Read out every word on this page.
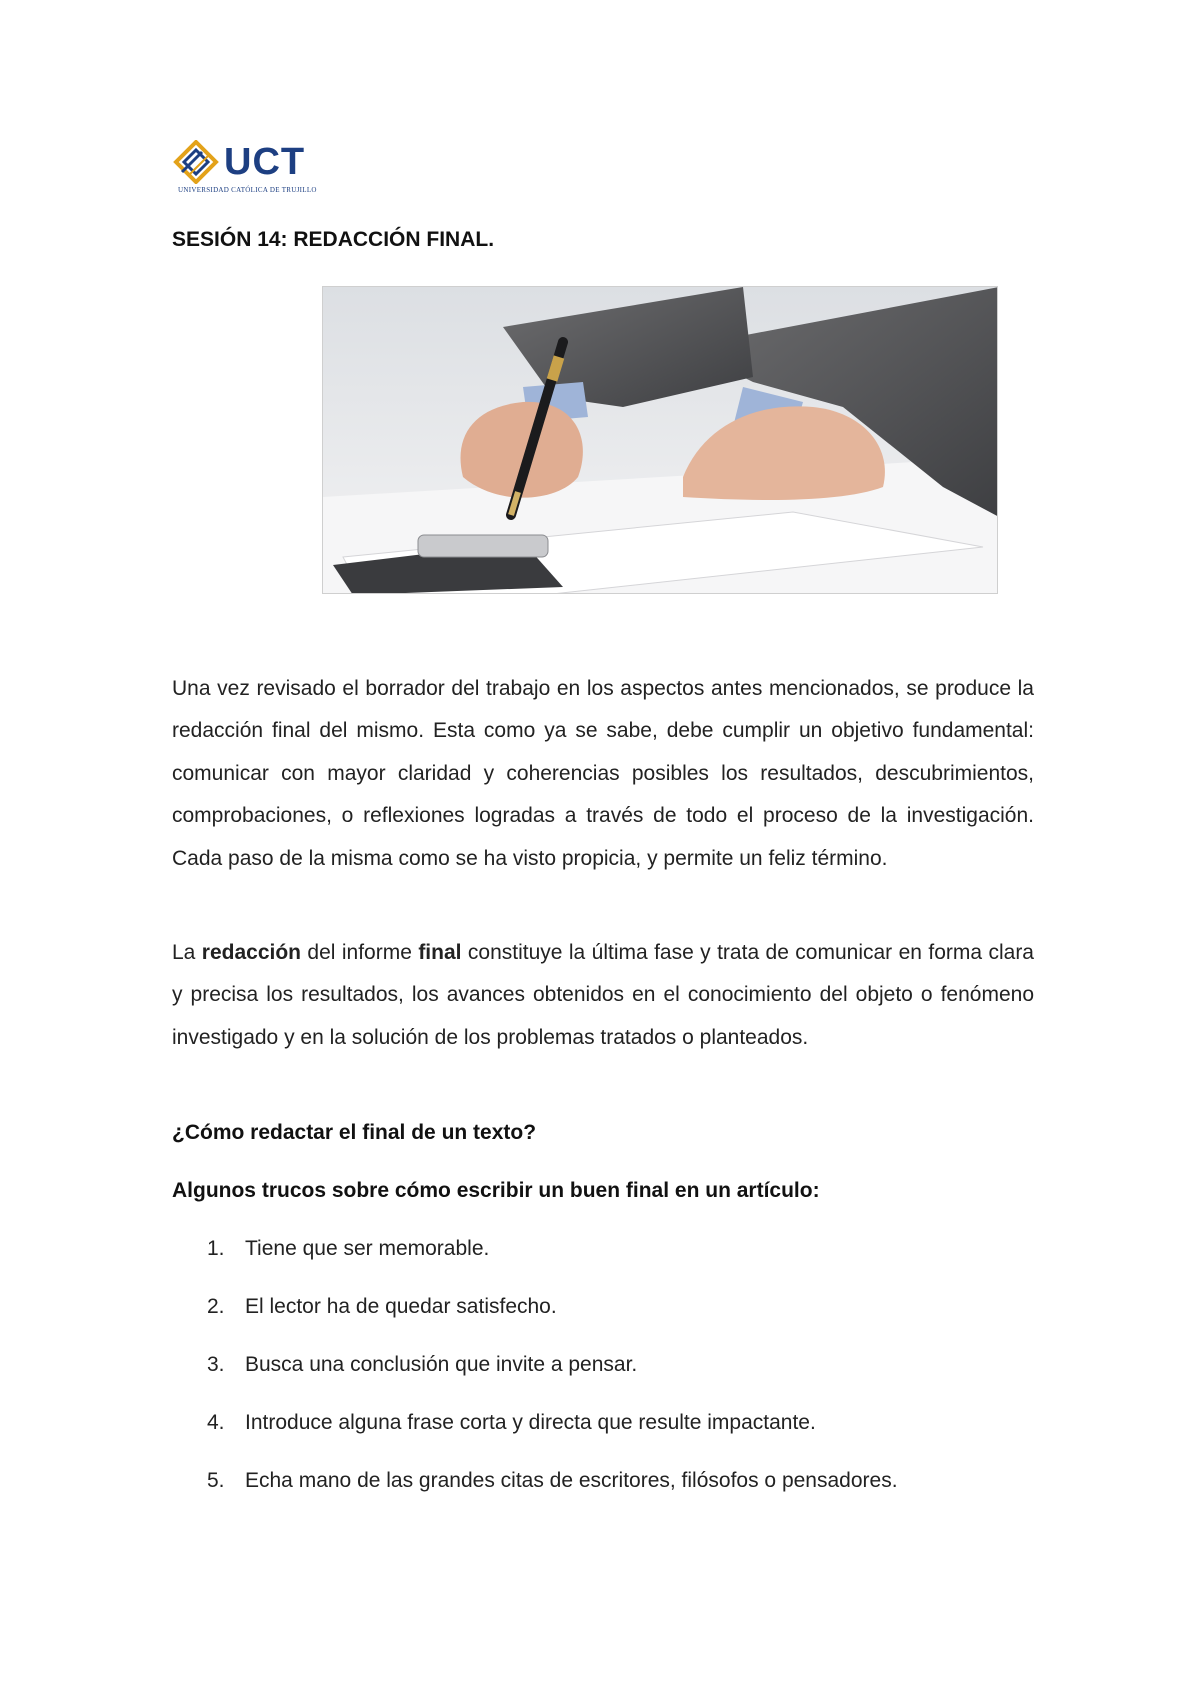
UCT
UNIVERSIDAD CATÓLICA DE TRUJILLO
SESIÓN 14: REDACCIÓN FINAL.

Una vez revisado el borrador del trabajo en los aspectos antes mencionados, se produce la redacción final del mismo. Esta como ya se sabe, debe cumplir un objetivo fundamental: comunicar con mayor claridad y coherencias posibles los resultados, descubrimientos, comprobaciones, o reflexiones logradas a través de todo el proceso de la investigación. Cada paso de la misma como se ha visto propicia, y permite un feliz término.

La redacción del informe final constituye la última fase y trata de comunicar en forma clara y precisa los resultados, los avances obtenidos en el conocimiento del objeto o fenómeno investigado y en la solución de los problemas tratados o planteados.

¿Cómo redactar el final de un texto?

Algunos trucos sobre cómo escribir un buen final en un artículo:

1. Tiene que ser memorable.
2. El lector ha de quedar satisfecho.
3. Busca una conclusión que invite a pensar.
4. Introduce alguna frase corta y directa que resulte impactante.
5. Echa mano de las grandes citas de escritores, filósofos o pensadores.
